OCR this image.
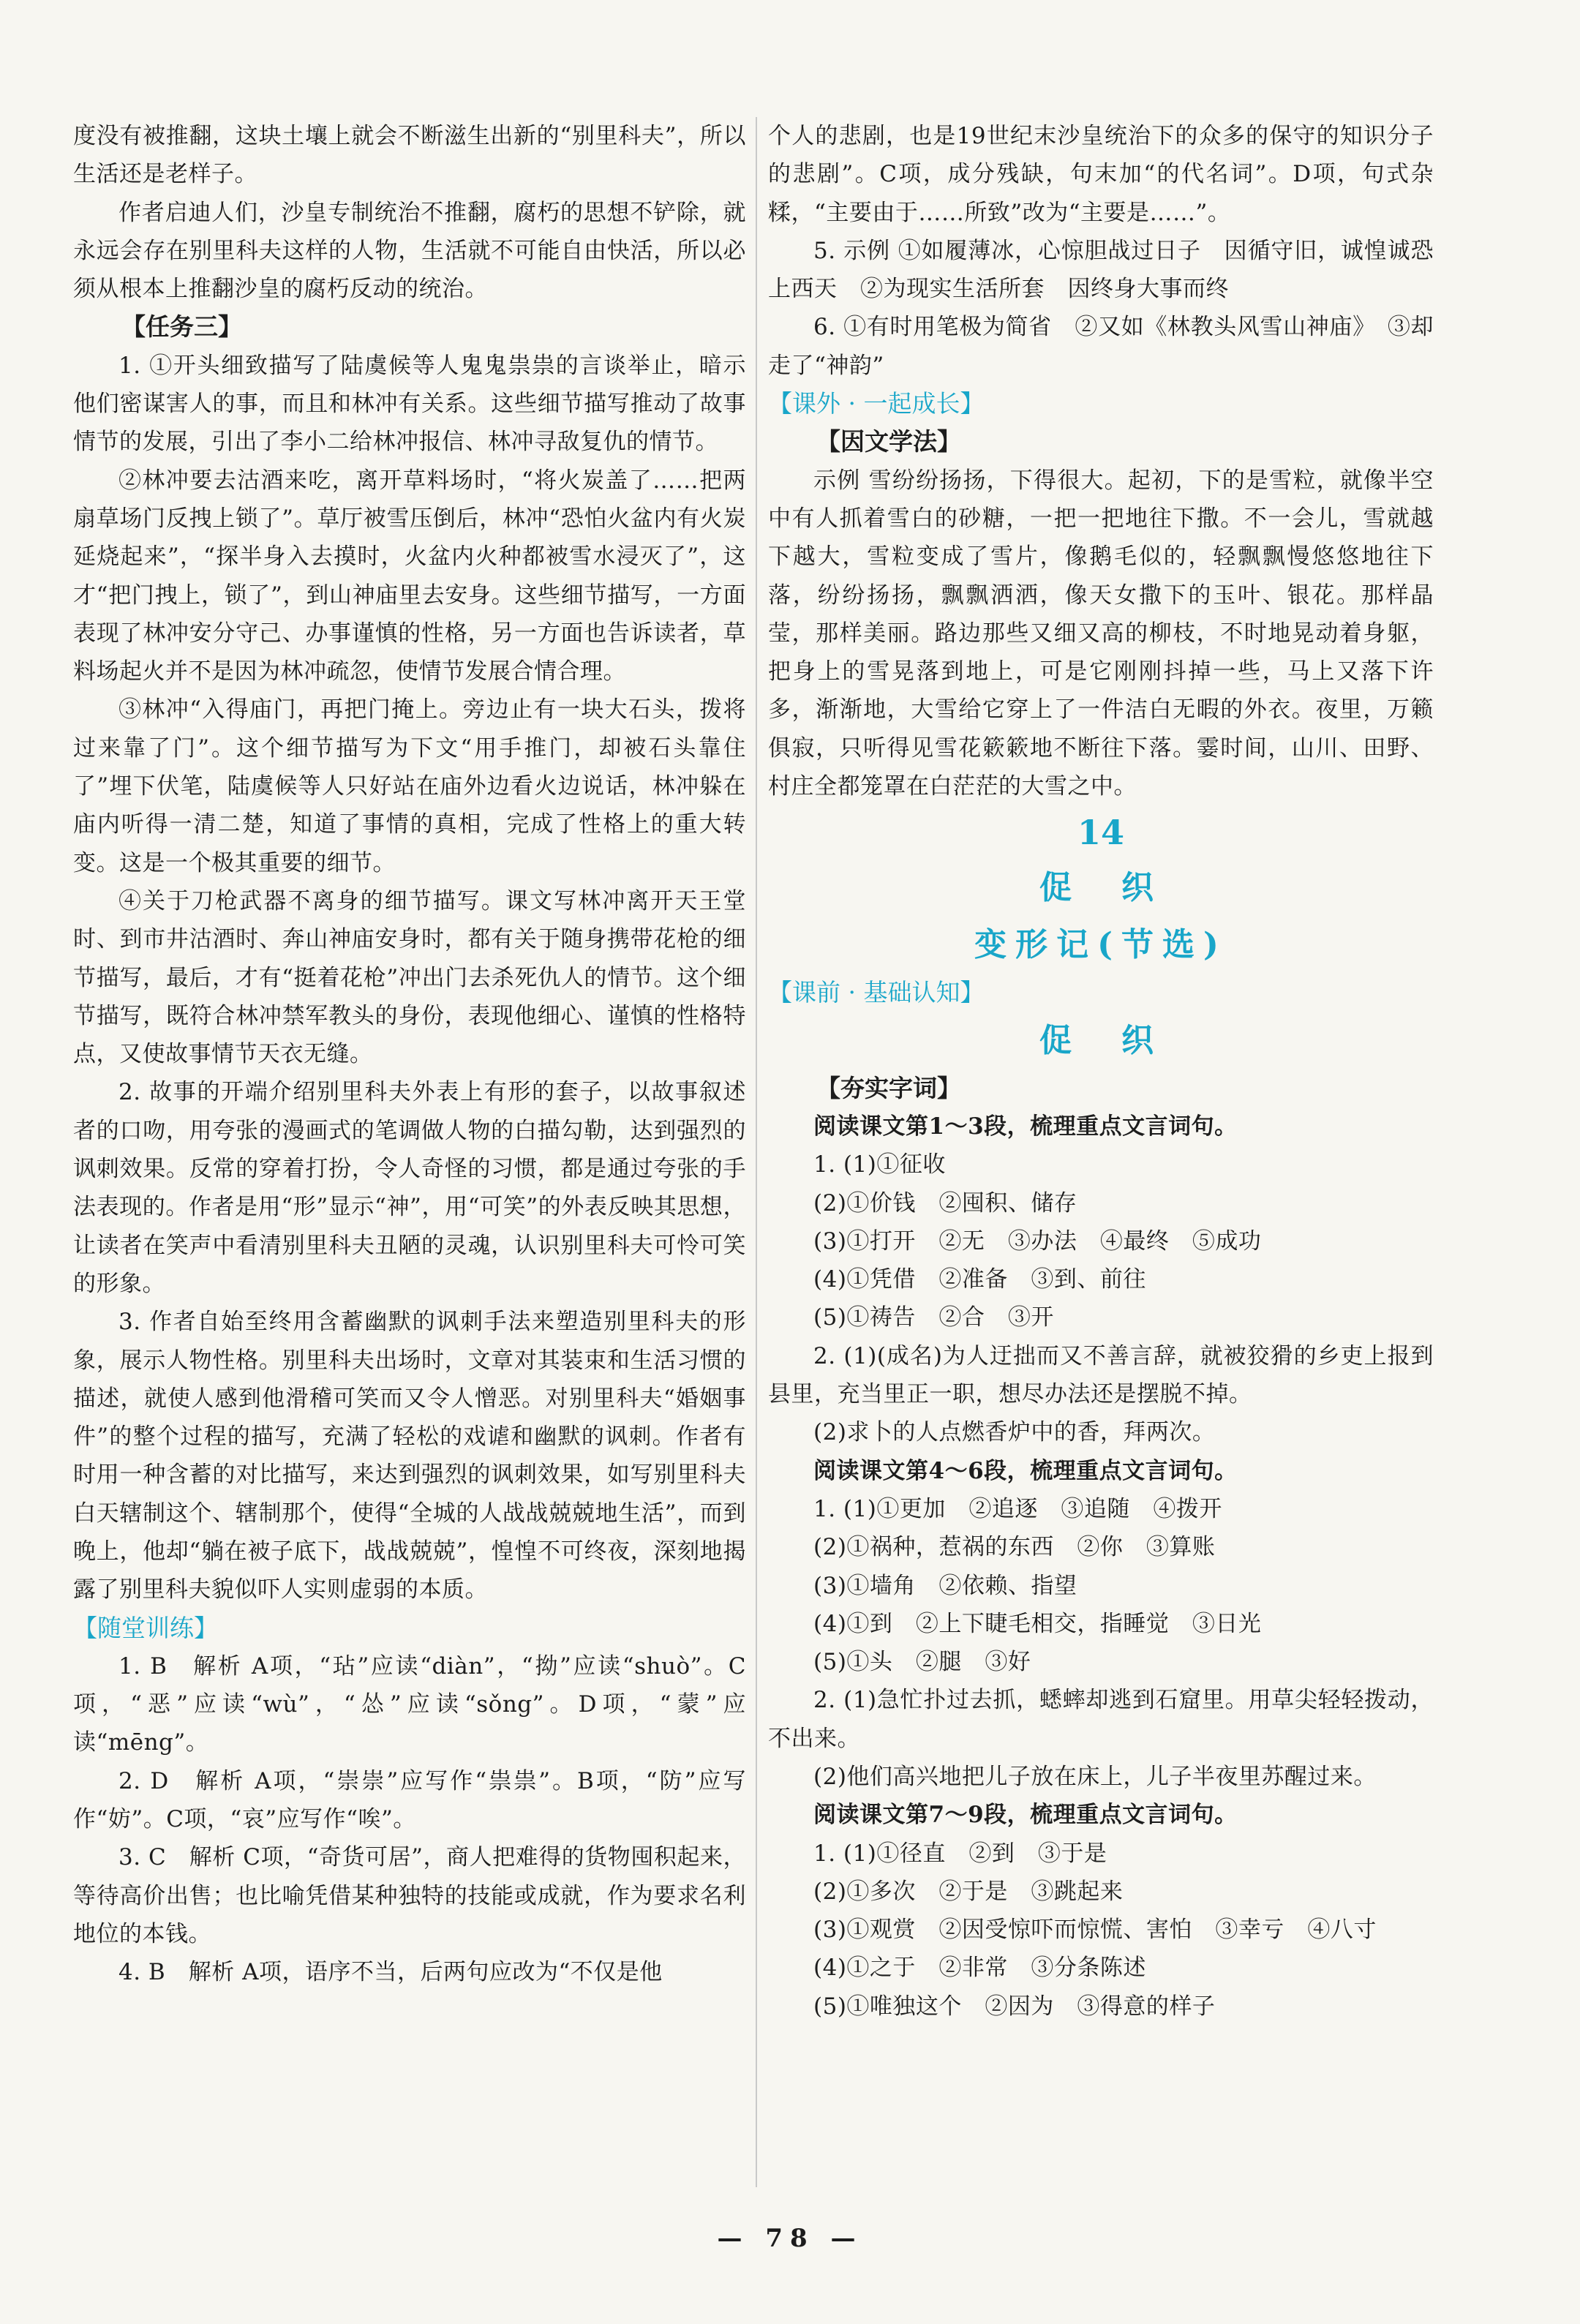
度没有被推翻，这块土壤上就会不断滋生出新的“别里科夫”，所以生活还是老样子。

作者启迪人们，沙皇专制统治不推翻，腐朽的思想不铲除，就永远会存在别里科夫这样的人物，生活就不可能自由快活，所以必须从根本上推翻沙皇的腐朽反动的统治。

【任务三】

1. ①开头细致描写了陆虞候等人鬼鬼祟祟的言谈举止，暗示他们密谋害人的事，而且和林冲有关系。这些细节描写推动了故事情节的发展，引出了李小二给林冲报信、林冲寻敌复仇的情节。

②林冲要去沽酒来吃，离开草料场时，“将火炭盖了……把两扇草场门反拽上锁了”。草厅被雪压倒后，林冲“恐怕火盆内有火炭延烧起来”，“探半身入去摸时，火盆内火种都被雪水浸灭了”，这才“把门拽上，锁了”，到山神庙里去安身。这些细节描写，一方面表现了林冲安分守己、办事谨慎的性格，另一方面也告诉读者，草料场起火并不是因为林冲疏忽，使情节发展合情合理。

③林冲“入得庙门，再把门掩上。旁边止有一块大石头，拨将过来靠了门”。这个细节描写为下文“用手推门，却被石头靠住了”埋下伏笔，陆虞候等人只好站在庙外边看火边说话，林冲躲在庙内听得一清二楚，知道了事情的真相，完成了性格上的重大转变。这是一个极其重要的细节。

④关于刀枪武器不离身的细节描写。课文写林冲离开天王堂时、到市井沽酒时、奔山神庙安身时，都有关于随身携带花枪的细节描写，最后，才有“挺着花枪”冲出门去杀死仇人的情节。这个细节描写，既符合林冲禁军教头的身份，表现他细心、谨慎的性格特点，又使故事情节天衣无缝。

2. 故事的开端介绍别里科夫外表上有形的套子，以故事叙述者的口吻，用夸张的漫画式的笔调做人物的白描勾勒，达到强烈的讽刺效果。反常的穿着打扮，令人奇怪的习惯，都是通过夸张的手法表现的。作者是用“形”显示“神”，用“可笑”的外表反映其思想，让读者在笑声中看清别里科夫丑陋的灵魂，认识别里科夫可怜可笑的形象。

3. 作者自始至终用含蓄幽默的讽刺手法来塑造别里科夫的形象，展示人物性格。别里科夫出场时，文章对其装束和生活习惯的描述，就使人感到他滑稽可笑而又令人憎恶。对别里科夫“婚姻事件”的整个过程的描写，充满了轻松的戏谑和幽默的讽刺。作者有时用一种含蓄的对比描写，来达到强烈的讽刺效果，如写别里科夫白天辖制这个、辖制那个，使得“全城的人战战兢兢地生活”，而到晚上，他却“躺在被子底下，战战兢兢”，惶惶不可终夜，深刻地揭露了别里科夫貌似吓人实则虚弱的本质。

【随堂训练】

1. B　解析 A项，“玷”应读“diàn”，“拗”应读“shuò”。C项，“恶”应读“wù”，“怂”应读“sǒng”。D项，“蒙”应读“mēng”。

2. D　解析 A项，“崇崇”应写作“祟祟”。B项，“防”应写作“妨”。C项，“哀”应写作“唉”。

3. C　解析 C项，“奇货可居”，商人把难得的货物囤积起来，等待高价出售；也比喻凭借某种独特的技能或成就，作为要求名利地位的本钱。

4. B　解析 A项，语序不当，后两句应改为“不仅是他

个人的悲剧，也是19世纪末沙皇统治下的众多的保守的知识分子的悲剧”。C项，成分残缺，句末加“的代名词”。D项，句式杂糅，“主要由于……所致”改为“主要是……”。

5. 示例 ①如履薄冰，心惊胆战过日子　因循守旧，诚惶诚恐上西天　②为现实生活所套　因终身大事而终

6. ①有时用笔极为简省　②又如《林教头风雪山神庙》　③却走了“神韵”

【课外 · 一起成长】
【因文学法】

示例 雪纷纷扬扬，下得很大。起初，下的是雪粒，就像半空中有人抓着雪白的砂糖，一把一把地往下撒。不一会儿，雪就越下越大，雪粒变成了雪片，像鹅毛似的，轻飘飘慢悠悠地往下落，纷纷扬扬，飘飘洒洒，像天女撒下的玉叶、银花。那样晶莹，那样美丽。路边那些又细又高的柳枝，不时地晃动着身躯，把身上的雪晃落到地上，可是它刚刚抖掉一些，马上又落下许多，渐渐地，大雪给它穿上了一件洁白无暇的外衣。夜里，万籁俱寂，只听得见雪花簌簌地不断往下落。霎时间，山川、田野、村庄全都笼罩在白茫茫的大雪之中。

14
促　织
变形记(节选)
【课前 · 基础认知】
促　织
【夯实字词】

阅读课文第1～3段，梳理重点文言词句。

1. (1)①征收

(2)①价钱　②囤积、储存

(3)①打开　②无　③办法　④最终　⑤成功

(4)①凭借　②准备　③到、前往

(5)①祷告　②合　③开

2. (1)(成名)为人迂拙而又不善言辞，就被狡猾的乡吏上报到县里，充当里正一职，想尽办法还是摆脱不掉。

(2)求卜的人点燃香炉中的香，拜两次。

阅读课文第4～6段，梳理重点文言词句。

1. (1)①更加　②追逐　③追随　④拨开

(2)①祸种，惹祸的东西　②你　③算账

(3)①墙角　②依赖、指望

(4)①到　②上下睫毛相交，指睡觉　③日光

(5)①头　②腿　③好

2. (1)急忙扑过去抓，蟋蟀却逃到石窟里。用草尖轻轻拨动，不出来。

(2)他们高兴地把儿子放在床上，儿子半夜里苏醒过来。

阅读课文第7～9段，梳理重点文言词句。

1. (1)①径直　②到　③于是

(2)①多次　②于是　③跳起来

(3)①观赏　②因受惊吓而惊慌、害怕　③幸亏　④八寸

(4)①之于　②非常　③分条陈述

(5)①唯独这个　②因为　③得意的样子

— 78 —
